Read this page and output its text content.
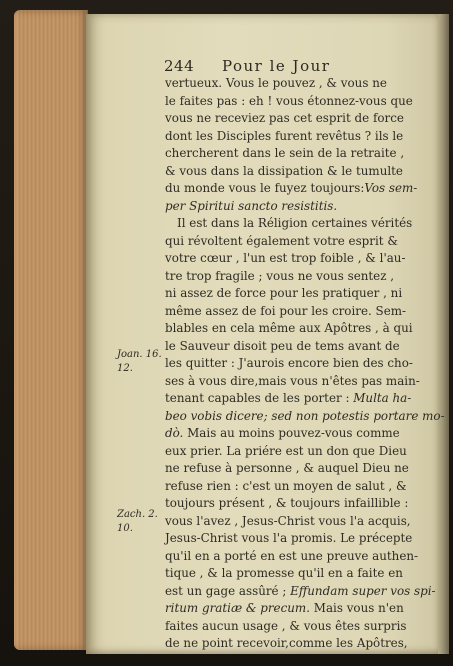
244 Pour le Jour
Joan. 16.
12.
Zach. 2.
10.
vertueux. Vous le pouvez , & vous ne
le faites pas : eh ! vous étonnez-vous que
vous ne receviez pas cet esprit de force
dont les Disciples furent revêtus ? ils le
chercherent dans le sein de la retraite ,
& vous dans la dissipation & le tumulte
du monde vous le fuyez toujours:Vos sem-
per Spiritui sancto resistitis.
Il est dans la Réligion certaines vérités
qui révoltent également votre esprit &
votre cœur , l'un est trop foible , & l'au-
tre trop fragile ; vous ne vous sentez ,
ni assez de force pour les pratiquer , ni
même assez de foi pour les croire. Sem-
blables en cela même aux Apôtres , à qui
le Sauveur disoit peu de tems avant de
les quitter : J'aurois encore bien des cho-
ses à vous dire,mais vous n'êtes pas main-
tenant capables de les porter : Multa ha-
beo vobis dicere; sed non potestis portare mo-
dò. Mais au moins pouvez-vous comme
eux prier. La priére est un don que Dieu
ne refuse à personne , & auquel Dieu ne
refuse rien : c'est un moyen de salut , &
toujours présent , & toujours infaillible :
vous l'avez , Jesus-Christ vous l'a acquis,
Jesus-Christ vous l'a promis. Le précepte
qu'il en a porté en est une preuve authen-
tique , & la promesse qu'il en a faite en
est un gage assûré ; Effundam super vos spi-
ritum gratiæ & precum. Mais vous n'en
faites aucun usage , & vous êtes surpris
de ne point recevoir,comme les Apôtres,
